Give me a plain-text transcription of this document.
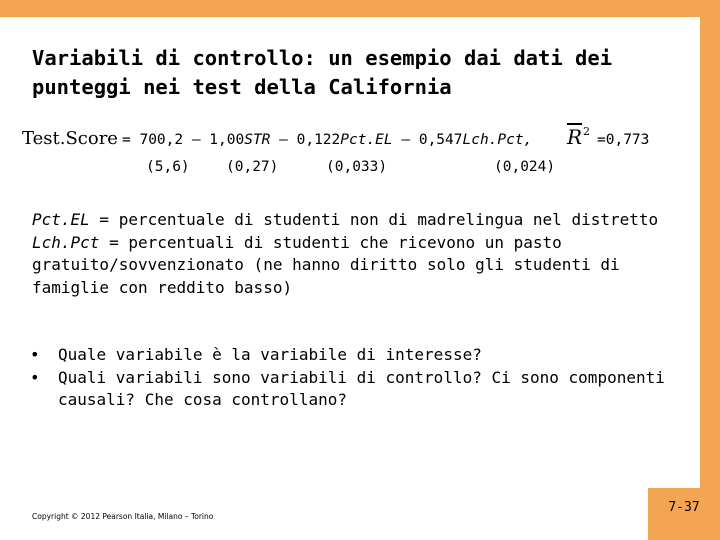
7-37
Variabili di controllo: un esempio dai dati dei
punteggi nei test della California
Test.Score = 700,2 – 1,00STR – 0,122Pct.EL – 0,547Lch.Pct, $\overline{R}$ 2
=0,773
(5,6)	(0,27)	(0,033)	(0,024)
Pct.EL = percentuale di studenti non di madrelingua nel distretto
Lch.Pct = percentuali di studenti che ricevono un pasto
gratuito/sovvenzionato (ne hanno diritto solo gli studenti di
famiglie con reddito basso)
• Quale variabile è la variabile di interesse?
• Quali variabili sono variabili di controllo? Ci sono componenti
causali? Che cosa controllano?
Copyright © 2012 Pearson Italia, Milano – Torino
